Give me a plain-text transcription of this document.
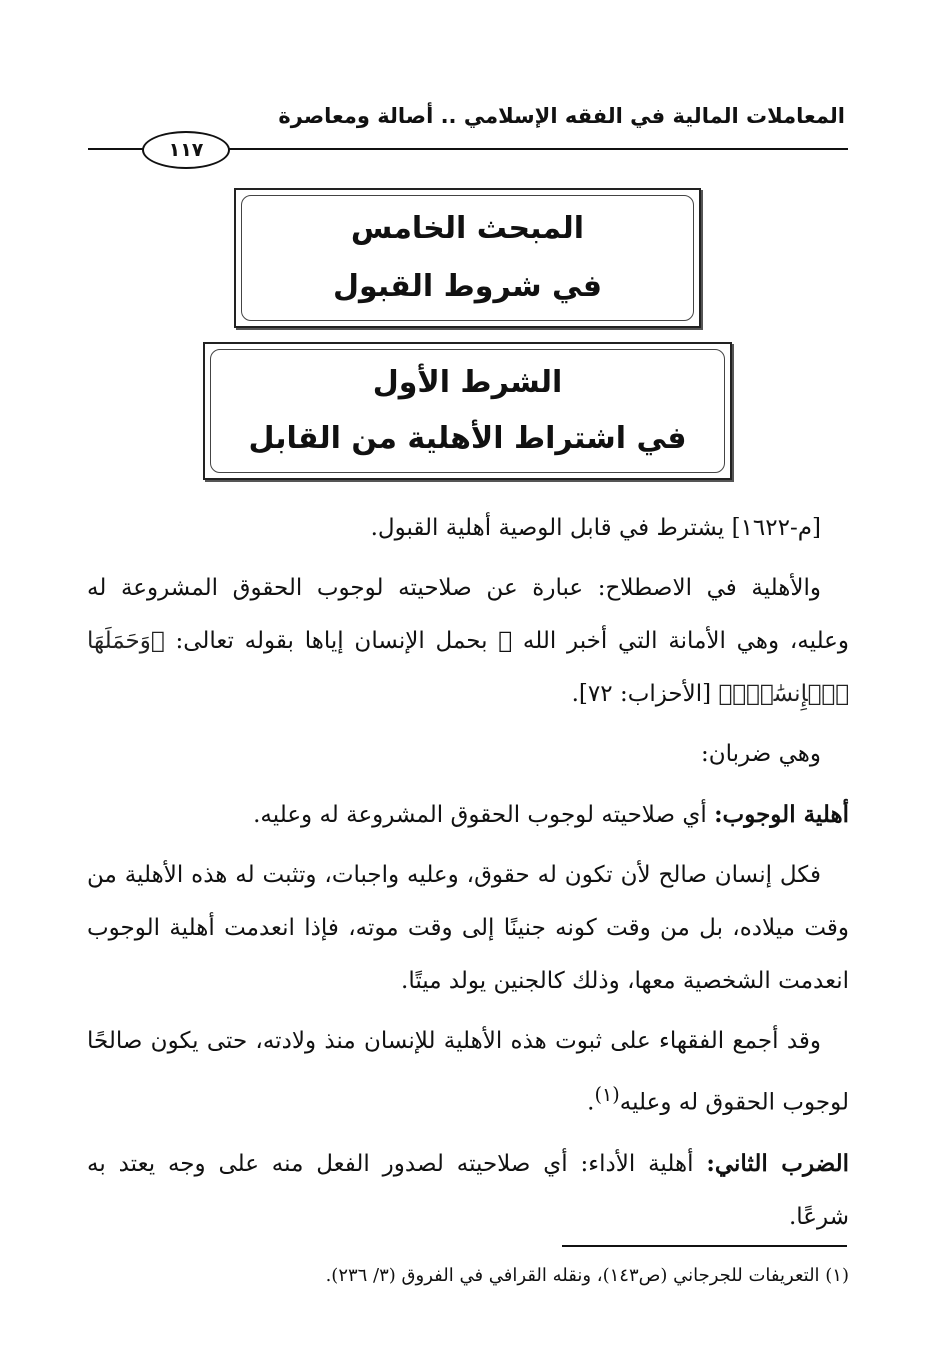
المعاملات المالية في الفقه الإسلامي .. أصالة ومعاصرة
١١٧
المبحث الخامس
في شروط القبول
الشرط الأول
في اشتراط الأهلية من القابل

[م-١٦٢٢] يشترط في قابل الوصية أهلية القبول.

والأهلية في الاصطلاح: عبارة عن صلاحيته لوجوب الحقوق المشروعة له وعليه، وهي الأمانة التي أخبر الله ﷻ بحمل الإنسان إياها بقوله تعالى: ﴿وَحَمَلَهَا ٱلۡإِنسَٰنُۖ﴾ [الأحزاب: ٧٢].

وهي ضربان:

أهلية الوجوب: أي صلاحيته لوجوب الحقوق المشروعة له وعليه.

فكل إنسان صالح لأن تكون له حقوق، وعليه واجبات، وتثبت له هذه الأهلية من وقت ميلاده، بل من وقت كونه جنينًا إلى وقت موته، فإذا انعدمت أهلية الوجوب انعدمت الشخصية معها، وذلك كالجنين يولد ميتًا.

وقد أجمع الفقهاء على ثبوت هذه الأهلية للإنسان منذ ولادته، حتى يكون صالحًا لوجوب الحقوق له وعليه$^{(١)}$.

الضرب الثاني: أهلية الأداء: أي صلاحيته لصدور الفعل منه على وجه يعتد به شرعًا.

(١) التعريفات للجرجاني (ص١٤٣)، ونقله القرافي في الفروق (٣/ ٢٣٦).
